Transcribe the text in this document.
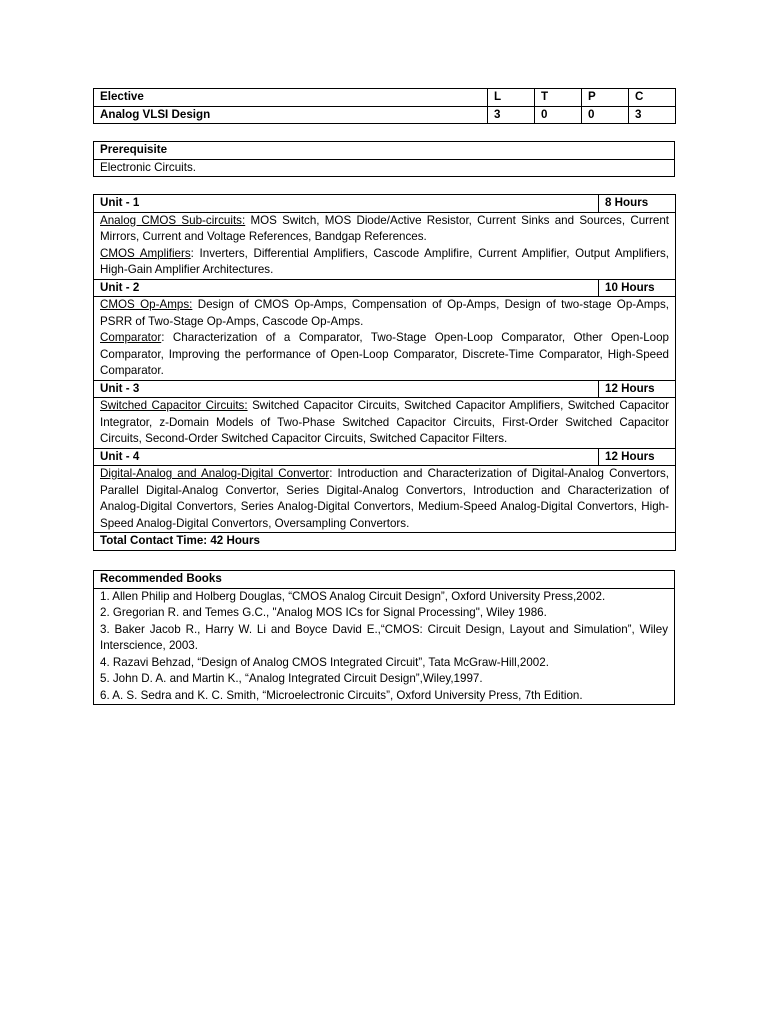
Elective	L	T	P	C
Analog VLSI Design	3	0	0	3
Prerequisite
Electronic Circuits.
Unit - 1	8 Hours

Analog CMOS Sub-circuits: MOS Switch, MOS Diode/Active Resistor, Current Sinks and Sources, Current Mirrors, Current and Voltage References, Bandgap References.

CMOS Amplifiers: Inverters, Differential Amplifiers, Cascode Amplifire, Current Amplifier, Output Amplifiers, High-Gain Amplifier Architectures.	

Unit - 2	10 Hours

CMOS Op-Amps: Design of CMOS Op-Amps, Compensation of Op-Amps, Design of two-stage Op-Amps, PSRR of Two-Stage Op-Amps, Cascode Op-Amps.

Comparator: Characterization of a Comparator, Two-Stage Open-Loop Comparator, Other Open-Loop Comparator, Improving the performance of Open-Loop Comparator, Discrete-Time Comparator, High-Speed Comparator.	

Unit - 3	12 Hours

Switched Capacitor Circuits: Switched Capacitor Circuits, Switched Capacitor Amplifiers, Switched Capacitor Integrator, z-Domain Models of Two-Phase Switched Capacitor Circuits, First-Order Switched Capacitor Circuits, Second-Order Switched Capacitor Circuits, Switched Capacitor Filters.	

Unit - 4	12 Hours

Digital-Analog and Analog-Digital Convertor: Introduction and Characterization of Digital-Analog Convertors, Parallel Digital-Analog Convertor, Series Digital-Analog Convertors, Introduction and Characterization of Analog-Digital Convertors, Series Analog-Digital Convertors, Medium-Speed Analog-Digital Convertors, High-Speed Analog-Digital Convertors, Oversampling Convertors.	

Total Contact Time: 42 Hours	
Recommended Books

1. Allen Philip and Holberg Douglas, “CMOS Analog Circuit Design”, Oxford University Press,2002.

2. Gregorian R. and Temes G.C., "Analog MOS ICs for Signal Processing", Wiley 1986.

3. Baker Jacob R., Harry W. Li and Boyce David E.,“CMOS: Circuit Design, Layout and Simulation”, Wiley Interscience, 2003.

4. Razavi Behzad, “Design of Analog CMOS Integrated Circuit”, Tata McGraw-Hill,2002.

5. John D. A. and Martin K., “Analog Integrated Circuit Design”,Wiley,1997.

6. A. S. Sedra and K. C. Smith, “Microelectronic Circuits”, Oxford University Press, 7th Edition.
